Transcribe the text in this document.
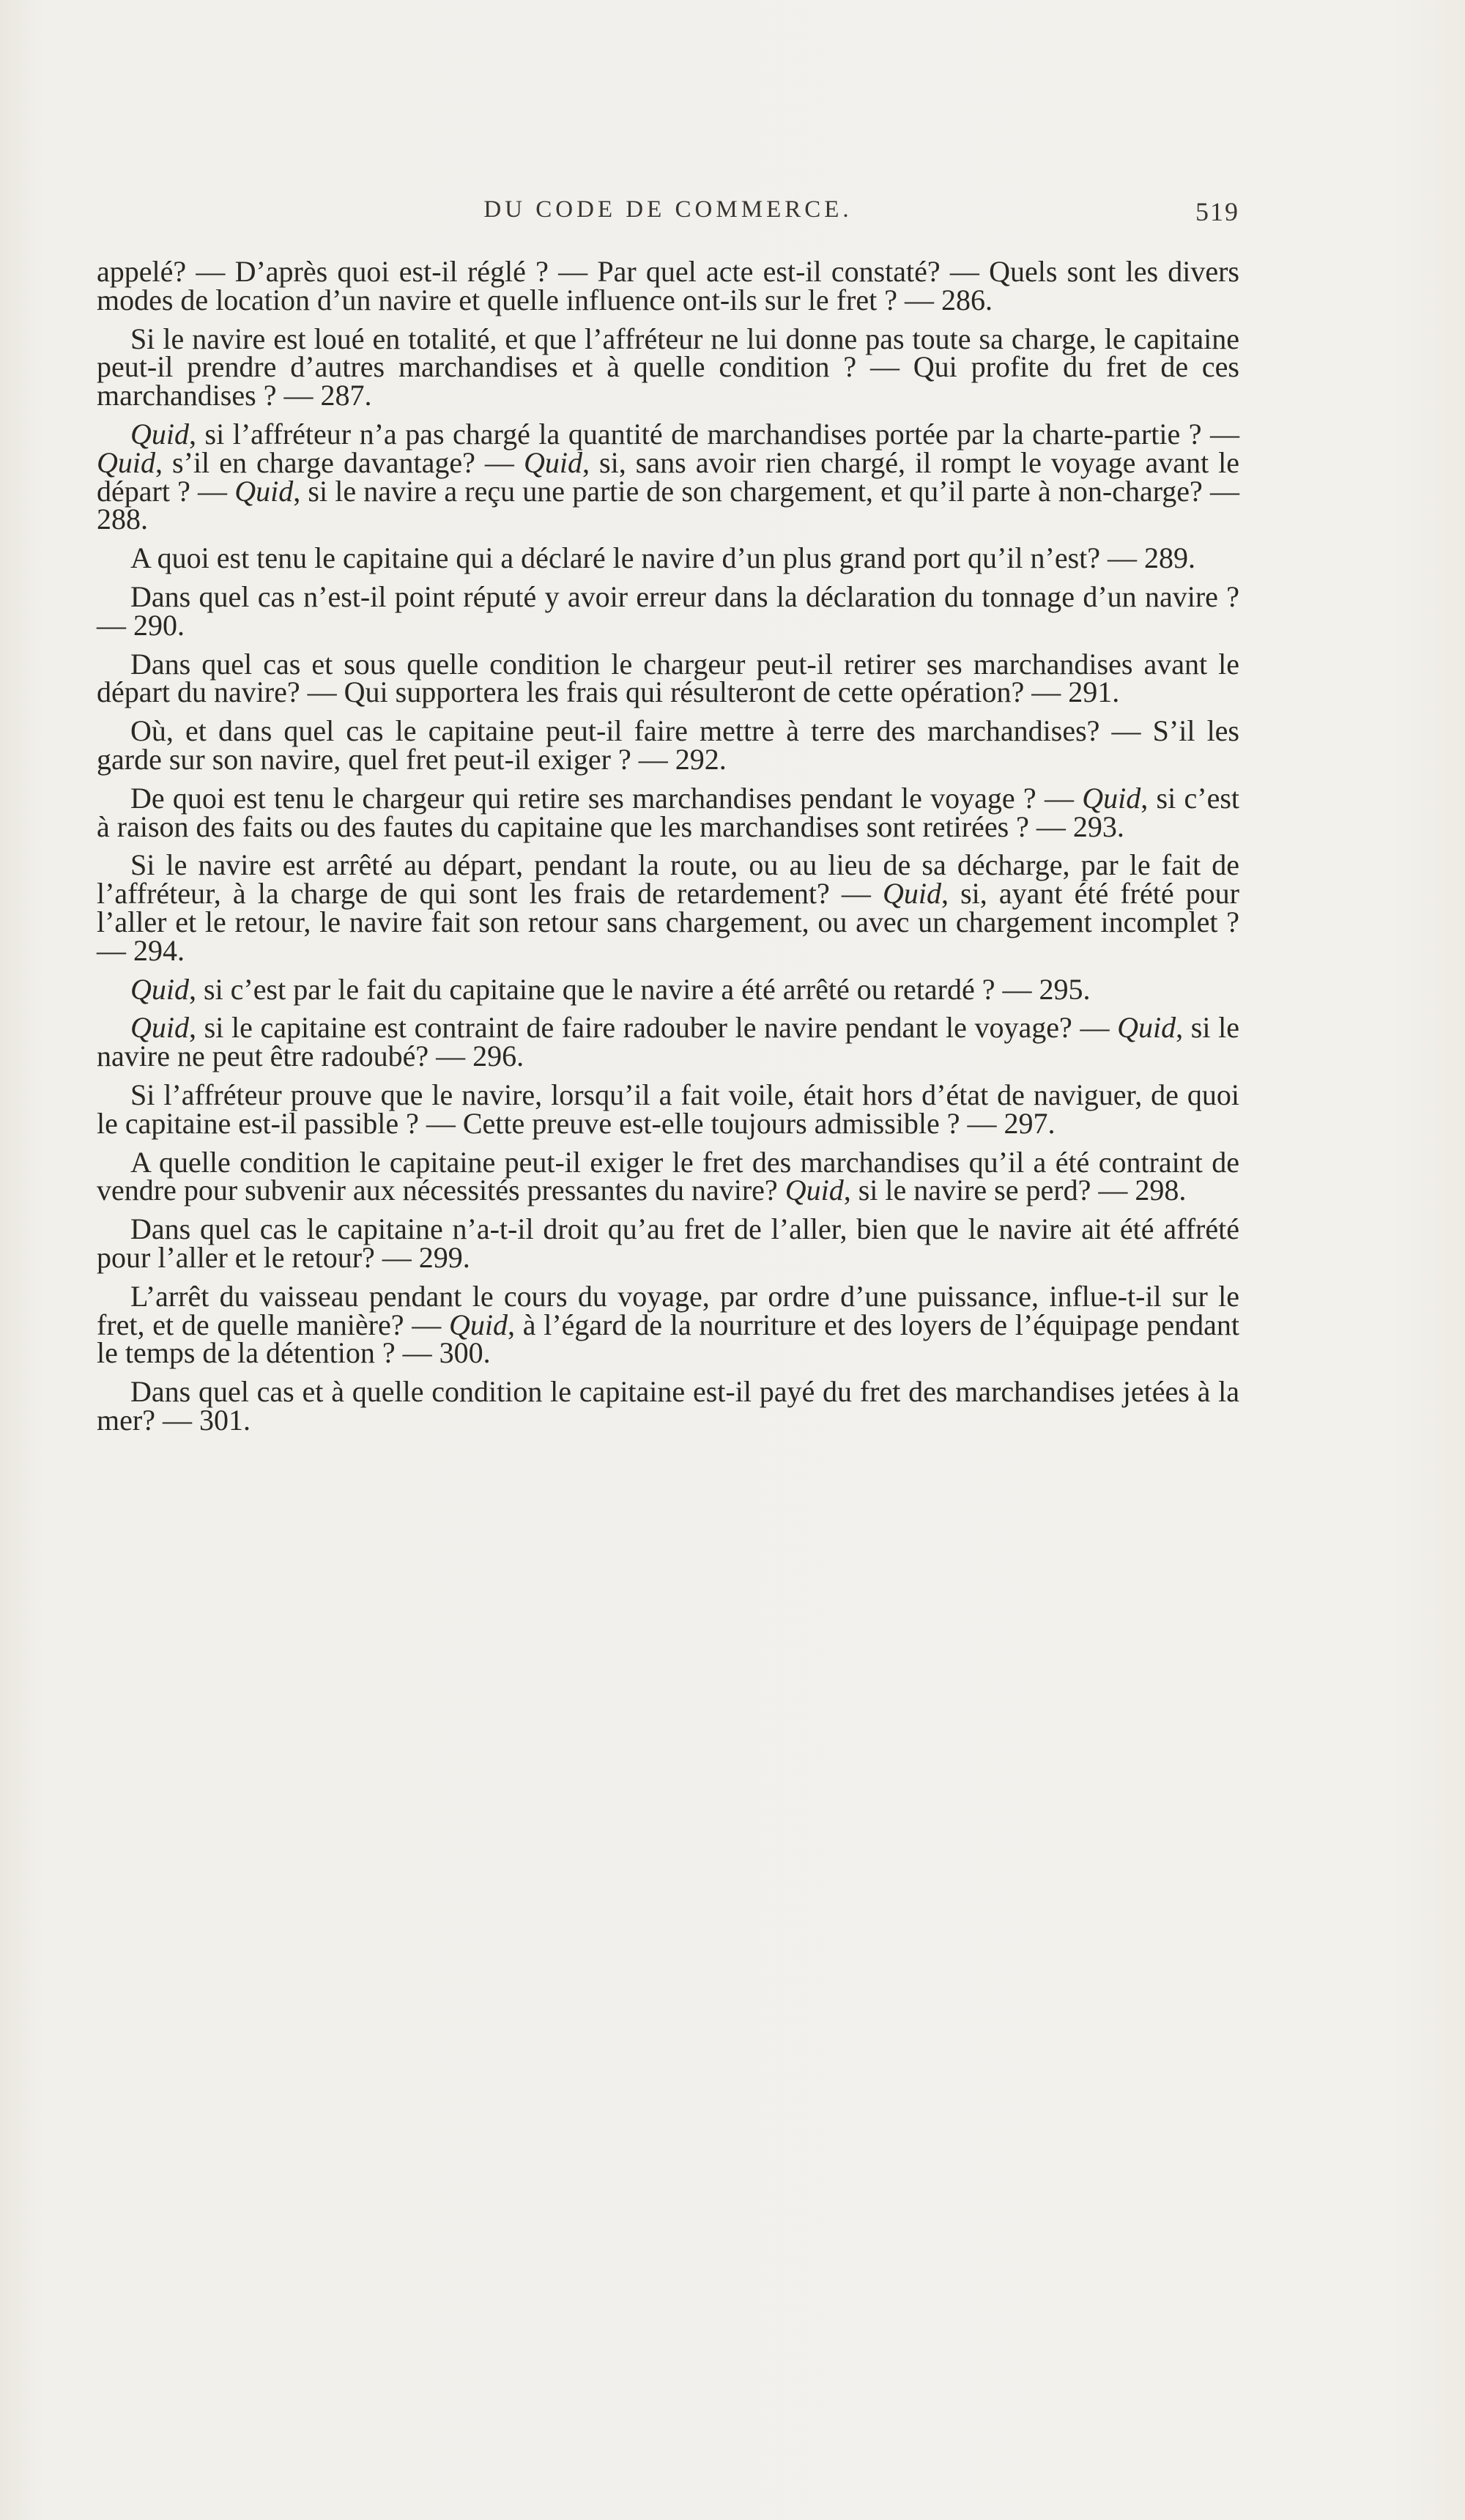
DU CODE DE COMMERCE.	519

appelé? — D’après quoi est-il réglé ? — Par quel acte est-il constaté? — Quels sont les divers modes de location d’un navire et quelle influence ont-ils sur le fret ? — 286.

Si le navire est loué en totalité, et que l’affréteur ne lui donne pas toute sa charge, le capitaine peut-il prendre d’autres marchandises et à quelle condition ? — Qui profite du fret de ces marchandises ? — 287.

Quid, si l’affréteur n’a pas chargé la quantité de marchandises portée par la charte-partie ? — Quid, s’il en charge davantage? — Quid, si, sans avoir rien chargé, il rompt le voyage avant le départ ? — Quid, si le navire a reçu une partie de son chargement, et qu’il parte à non-charge? — 288.

A quoi est tenu le capitaine qui a déclaré le navire d’un plus grand port qu’il n’est? — 289.

Dans quel cas n’est-il point réputé y avoir erreur dans la déclaration du tonnage d’un navire ? — 290.

Dans quel cas et sous quelle condition le chargeur peut-il retirer ses marchandises avant le départ du navire? — Qui supportera les frais qui résulteront de cette opération? — 291.

Où, et dans quel cas le capitaine peut-il faire mettre à terre des marchandises? — S’il les garde sur son navire, quel fret peut-il exiger ? — 292.

De quoi est tenu le chargeur qui retire ses marchandises pendant le voyage ? — Quid, si c’est à raison des faits ou des fautes du capitaine que les marchandises sont retirées ? — 293.

Si le navire est arrêté au départ, pendant la route, ou au lieu de sa décharge, par le fait de l’affréteur, à la charge de qui sont les frais de retardement? — Quid, si, ayant été frété pour l’aller et le retour, le navire fait son retour sans chargement, ou avec un chargement incomplet ? — 294.

Quid, si c’est par le fait du capitaine que le navire a été arrêté ou retardé ? — 295.

Quid, si le capitaine est contraint de faire radouber le navire pendant le voyage? — Quid, si le navire ne peut être radoubé? — 296.

Si l’affréteur prouve que le navire, lorsqu’il a fait voile, était hors d’état de naviguer, de quoi le capitaine est-il passible ? — Cette preuve est-elle toujours admissible ? — 297.

A quelle condition le capitaine peut-il exiger le fret des marchandises qu’il a été contraint de vendre pour subvenir aux nécessités pressantes du navire? Quid, si le navire se perd? — 298.

Dans quel cas le capitaine n’a-t-il droit qu’au fret de l’aller, bien que le navire ait été affrété pour l’aller et le retour? — 299.

L’arrêt du vaisseau pendant le cours du voyage, par ordre d’une puissance, influe-t-il sur le fret, et de quelle manière? — Quid, à l’égard de la nourriture et des loyers de l’équipage pendant le temps de la détention ? — 300.

Dans quel cas et à quelle condition le capitaine est-il payé du fret des marchandises jetées à la mer? — 301.
